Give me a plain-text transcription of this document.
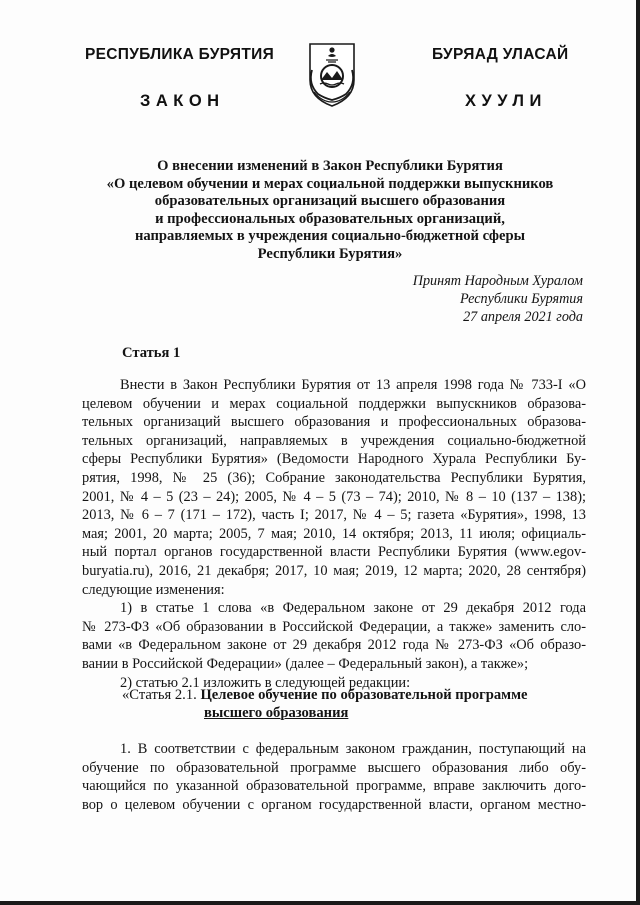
РЕСПУБЛИКА БУРЯТИЯ	БУРЯАД УЛАСАЙ
ЗАКОН	ХУУЛИ
О внесении изменений в Закон Республики Бурятия
«О целевом обучении и мерах социальной поддержки выпускников
образовательных организаций высшего образования
и профессиональных образовательных организаций,
направляемых в учреждения социально-бюджетной сферы
Республики Бурятия»
Принят Народным Хуралом
Республики Бурятия
27 апреля 2021 года
Статья 1
Внести в Закон Республики Бурятия от 13 апреля 1998 года № 733-I «О
целевом обучении и мерах социальной поддержки выпускников образова-
тельных организаций высшего образования и профессиональных образова-
тельных организаций, направляемых в учреждения социально-бюджетной
сферы Республики Бурятия» (Ведомости Народного Хурала Республики Бу-
рятия, 1998, № 25 (36); Собрание законодательства Республики Бурятия,
2001, № 4 – 5 (23 – 24); 2005, № 4 – 5 (73 – 74); 2010, № 8 – 10 (137 – 138);
2013, № 6 – 7 (171 – 172), часть I; 2017, № 4 – 5; газета «Бурятия», 1998, 13
мая; 2001, 20 марта; 2005, 7 мая; 2010, 14 октября; 2013, 11 июля; официаль-
ный портал органов государственной власти Республики Бурятия (www.egov-
buryatia.ru), 2016, 21 декабря; 2017, 10 мая; 2019, 12 марта; 2020, 28 сентября)
следующие изменения:
1) в статье 1 слова «в Федеральном законе от 29 декабря 2012 года
№ 273-ФЗ «Об образовании в Российской Федерации, а также» заменить сло-
вами «в Федеральном законе от 29 декабря 2012 года № 273-ФЗ «Об образо-
вании в Российской Федерации» (далее – Федеральный закон), а также»;
2) статью 2.1 изложить в следующей редакции:
«Статья 2.1. Целевое обучение по образовательной программе
высшего образования
1. В соответствии с федеральным законом гражданин, поступающий на
обучение по образовательной программе высшего образования либо обу-
чающийся по указанной образовательной программе, вправе заключить дого-
вор о целевом обучении с органом государственной власти, органом местно-
